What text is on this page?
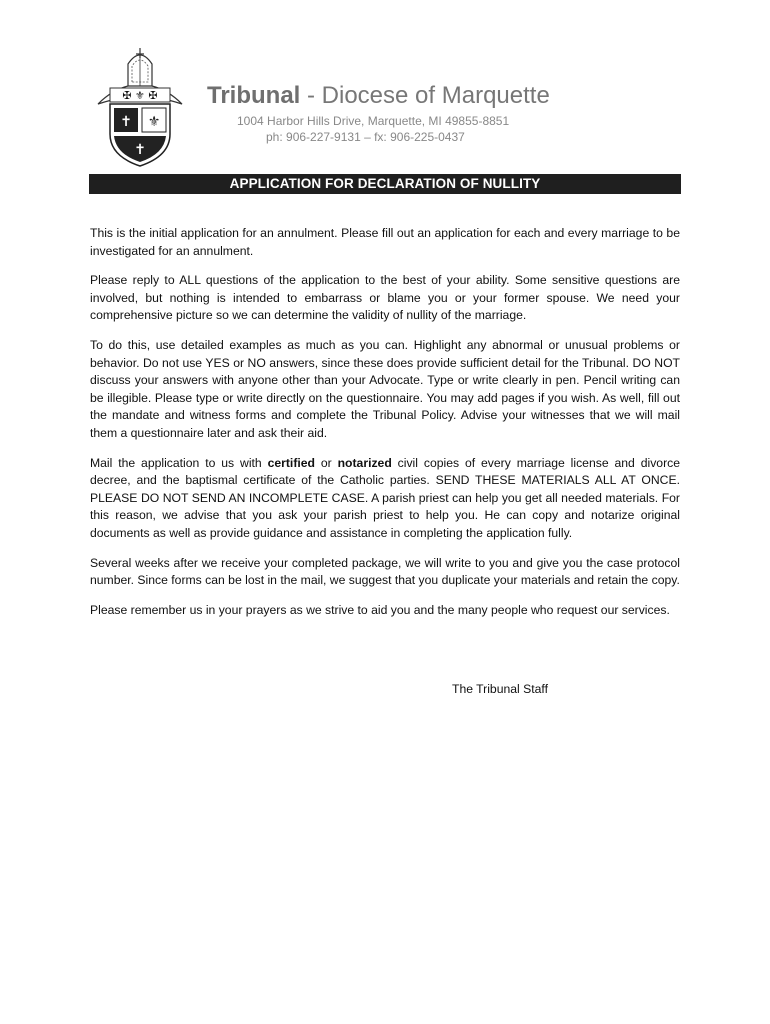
✠ ⚜ ✠
✝ ⚜
✝
Tribunal - Diocese of Marquette
1004 Harbor Hills Drive, Marquette, MI 49855-8851
ph: 906-227-9131 – fx: 906-225-0437
APPLICATION FOR DECLARATION OF NULLITY

This is the initial application for an annulment. Please fill out an application for each and every marriage to be investigated for an annulment.

Please reply to ALL questions of the application to the best of your ability. Some sensitive questions are involved, but nothing is intended to embarrass or blame you or your former spouse. We need your comprehensive picture so we can determine the validity of nullity of the marriage.

To do this, use detailed examples as much as you can. Highlight any abnormal or unusual problems or behavior. Do not use YES or NO answers, since these does provide sufficient detail for the Tribunal. DO NOT discuss your answers with anyone other than your Advocate. Type or write clearly in pen. Pencil writing can be illegible. Please type or write directly on the questionnaire. You may add pages if you wish. As well, fill out the mandate and witness forms and complete the Tribunal Policy. Advise your witnesses that we will mail them a questionnaire later and ask their aid.

Mail the application to us with certified or notarized civil copies of every marriage license and divorce decree, and the baptismal certificate of the Catholic parties. SEND THESE MATERIALS ALL AT ONCE. PLEASE DO NOT SEND AN INCOMPLETE CASE. A parish priest can help you get all needed materials. For this reason, we advise that you ask your parish priest to help you. He can copy and notarize original documents as well as provide guidance and assistance in completing the application fully.

Several weeks after we receive your completed package, we will write to you and give you the case protocol number. Since forms can be lost in the mail, we suggest that you duplicate your materials and retain the copy.

Please remember us in your prayers as we strive to aid you and the many people who request our services.

The Tribunal Staff
